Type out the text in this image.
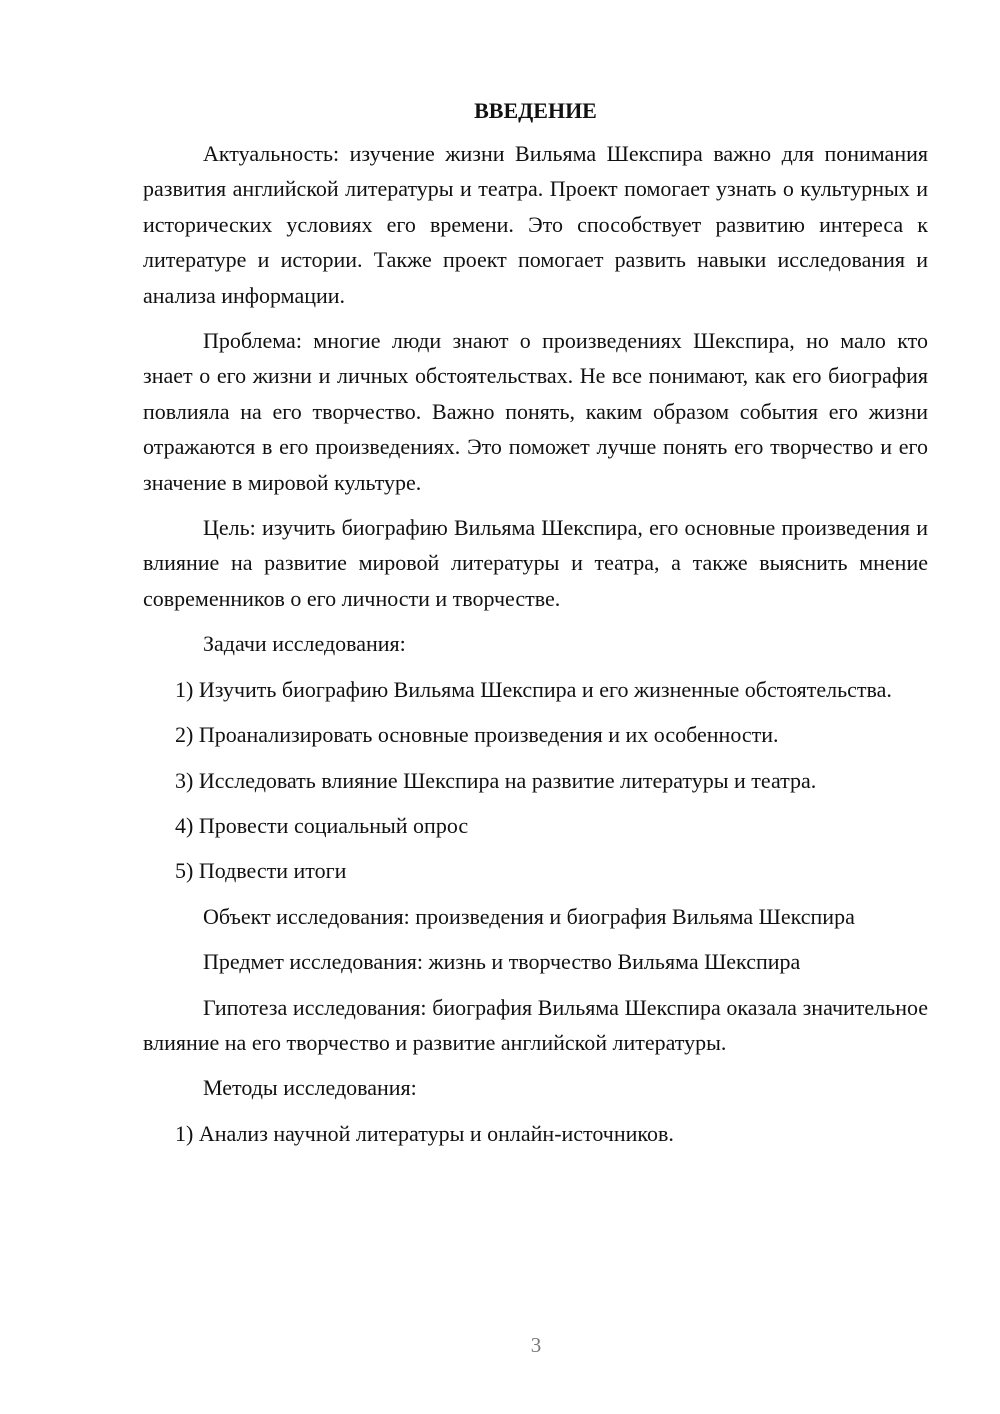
ВВЕДЕНИЕ

Актуальность: изучение жизни Вильяма Шекспира важно для понимания развития английской литературы и театра. Проект помогает узнать о культурных и исторических условиях его времени. Это способствует развитию интереса к литературе и истории. Также проект помогает развить навыки исследования и анализа информации.

Проблема: многие люди знают о произведениях Шекспира, но мало кто знает о его жизни и личных обстоятельствах. Не все понимают, как его биография повлияла на его творчество. Важно понять, каким образом события его жизни отражаются в его произведениях. Это поможет лучше понять его творчество и его значение в мировой культуре.

Цель: изучить биографию Вильяма Шекспира, его основные произведения и влияние на развитие мировой литературы и театра, а также выяснить мнение современников о его личности и творчестве.

Задачи исследования:

1) Изучить биографию Вильяма Шекспира и его жизненные обстоятельства.

2) Проанализировать основные произведения и их особенности.

3) Исследовать влияние Шекспира на развитие литературы и театра.

4) Провести социальный опрос

5) Подвести итоги

Объект исследования: произведения и биография Вильяма Шекспира

Предмет исследования: жизнь и творчество Вильяма Шекспира

Гипотеза исследования: биография Вильяма Шекспира оказала значительное влияние на его творчество и развитие английской литературы.

Методы исследования:

1) Анализ научной литературы и онлайн-источников.

3
